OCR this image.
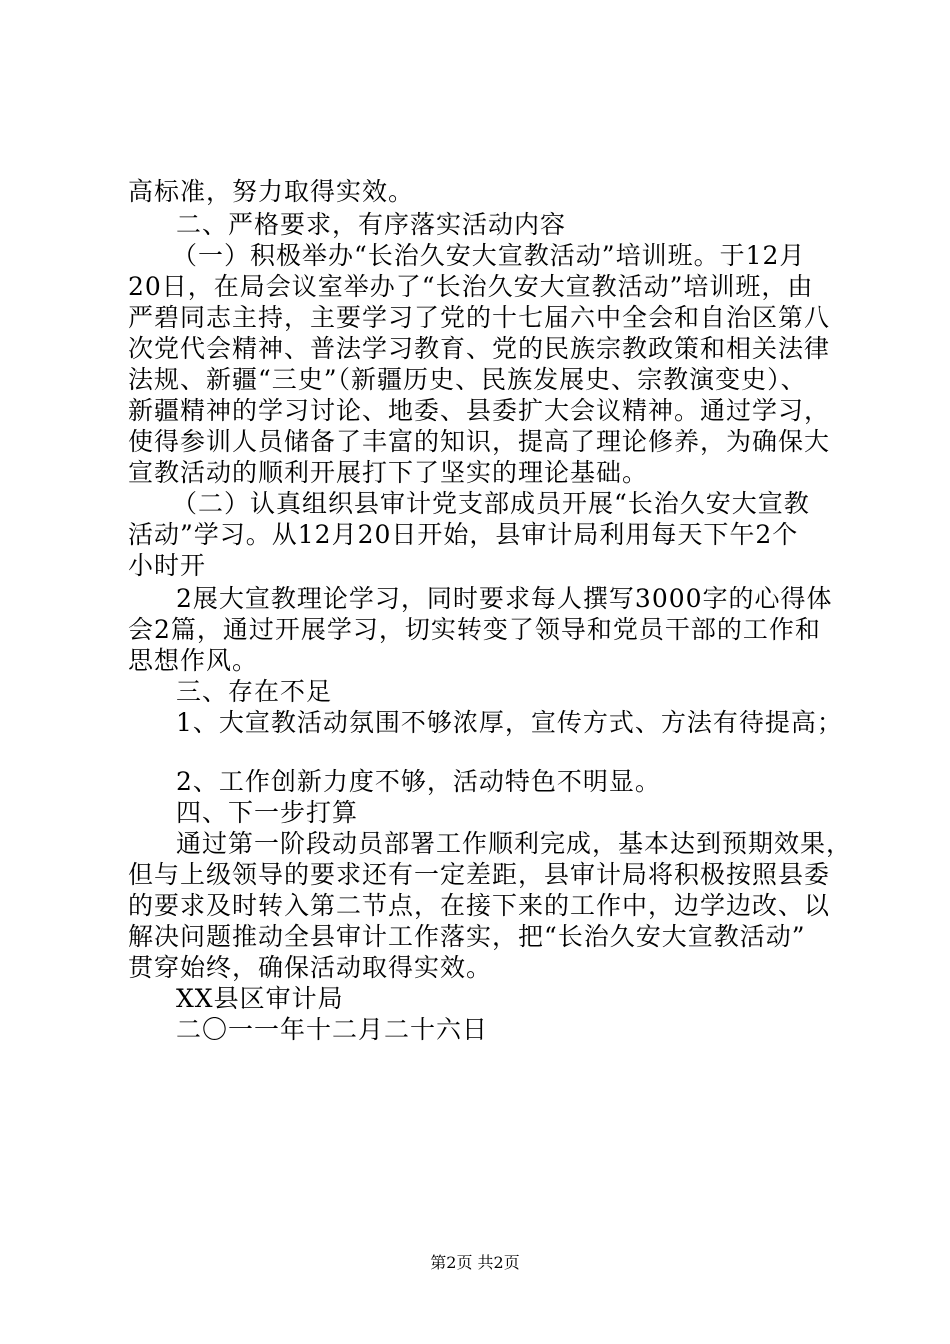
高标准，努力取得实效。
二、严格要求，有序落实活动内容
（一）积极举办“长治久安大宣教活动”培训班。于12月
20日，在局会议室举办了“长治久安大宣教活动”培训班，由
严碧同志主持，主要学习了党的十七届六中全会和自治区第八
次党代会精神、普法学习教育、党的民族宗教政策和相关法律
法规、新疆“三史”（新疆历史、民族发展史、宗教演变史）、
新疆精神的学习讨论、地委、县委扩大会议精神。通过学习，
使得参训人员储备了丰富的知识，提高了理论修养，为确保大
宣教活动的顺利开展打下了坚实的理论基础。
（二）认真组织县审计党支部成员开展“长治久安大宣教
活动”学习。从12月20日开始，县审计局利用每天下午2个
小时开
2展大宣教理论学习，同时要求每人撰写3000字的心得体
会2篇，通过开展学习，切实转变了领导和党员干部的工作和
思想作风。
三、存在不足
1、大宣教活动氛围不够浓厚，宣传方式、方法有待提高；
2、工作创新力度不够，活动特色不明显。
四、下一步打算
通过第一阶段动员部署工作顺利完成，基本达到预期效果，
但与上级领导的要求还有一定差距，县审计局将积极按照县委
的要求及时转入第二节点，在接下来的工作中，边学边改、以
解决问题推动全县审计工作落实，把“长治久安大宣教活动”
贯穿始终，确保活动取得实效。
XX县区审计局
二〇一一年十二月二十六日
第2页 共2页
